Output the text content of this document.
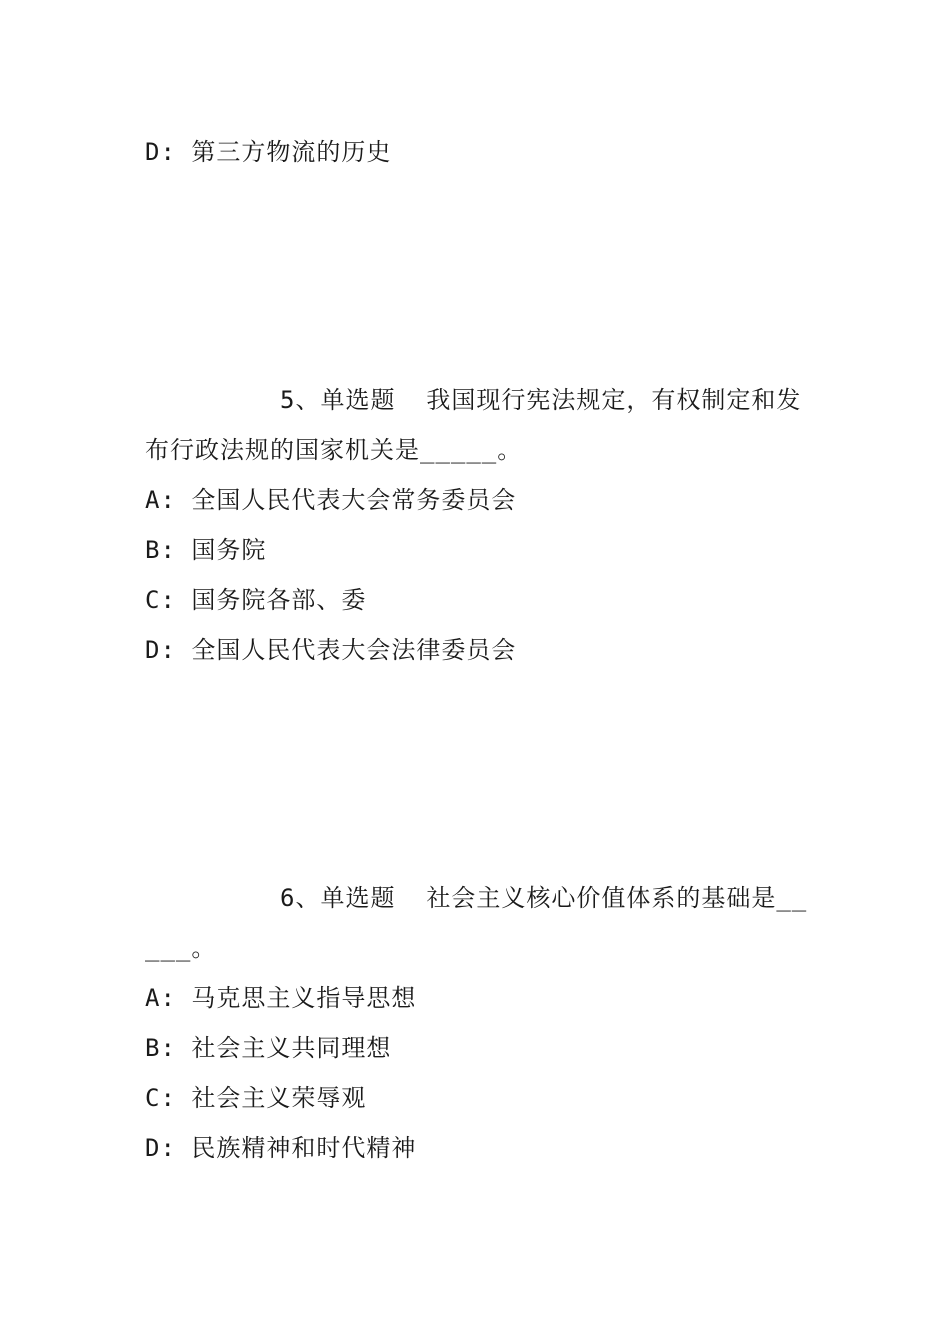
D: 第三方物流的历史
5、单选题  我国现行宪法规定，有权制定和发
布行政法规的国家机关是_____。
A: 全国人民代表大会常务委员会
B: 国务院
C: 国务院各部、委
D: 全国人民代表大会法律委员会
6、单选题  社会主义核心价值体系的基础是__
___。
A: 马克思主义指导思想
B: 社会主义共同理想
C: 社会主义荣辱观
D: 民族精神和时代精神
